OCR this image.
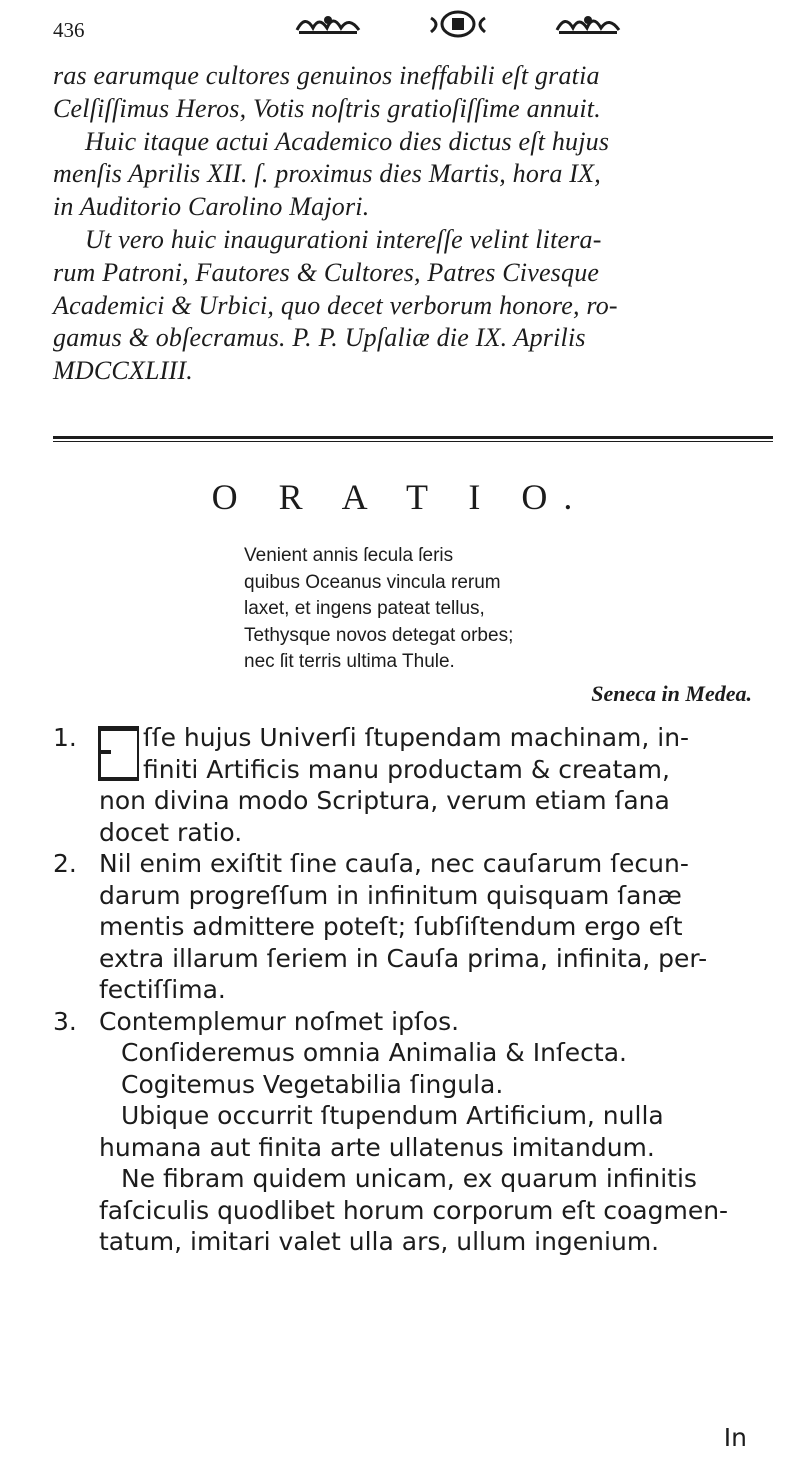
436

ras earumque cultores genuinos ineffabili eſt gratia

Celſiſſimus Heros, Votis noſtris gratioſiſſime annuit.

Huic itaque actui Academico dies dictus eſt hujus

menſis Aprilis XII. ſ. proximus dies Martis, hora IX,

in Auditorio Carolino Majori.

Ut vero huic inaugurationi intereſſe velint litera-

rum Patroni, Fautores & Cultores, Patres Civesque

Academici & Urbici, quo decet verborum honore, ro-

gamus & obſecramus. P. P. Upſaliæ die IX. Aprilis

MDCCXLIII.

O R A T I O.

Venient annis ſecula ſeris

quibus Oceanus vincula rerum

laxet, et ingens pateat tellus,

Tethysque novos detegat orbes;

nec ſit terris ultima Thule.

Seneca in Medea.
1.	ſſe hujus Univerſi ſtupendam machinam, in-
finiti Artificis manu productam & creatam,
non divina modo Scriptura, verum etiam ſana
docet ratio.
2. Nil enim exiſtit ſine cauſa, nec cauſarum ſecun-
darum progreſſum in infinitum quisquam ſanæ
mentis admittere poteſt; ſubſiſtendum ergo eſt
extra illarum ſeriem in Cauſa prima, infinita, per-
fectiſſima.
3. Contemplemur noſmet ipſos.
Conſideremus omnia Animalia & Inſecta.
Cogitemus Vegetabilia ſingula.
Ubique occurrit ſtupendum Artificium, nulla
humana aut finita arte ullatenus imitandum.
Ne fibram quidem unicam, ex quarum infinitis
faſciculis quodlibet horum corporum eſt coagmen-
tatum, imitari valet ulla ars, ullum ingenium.
In
